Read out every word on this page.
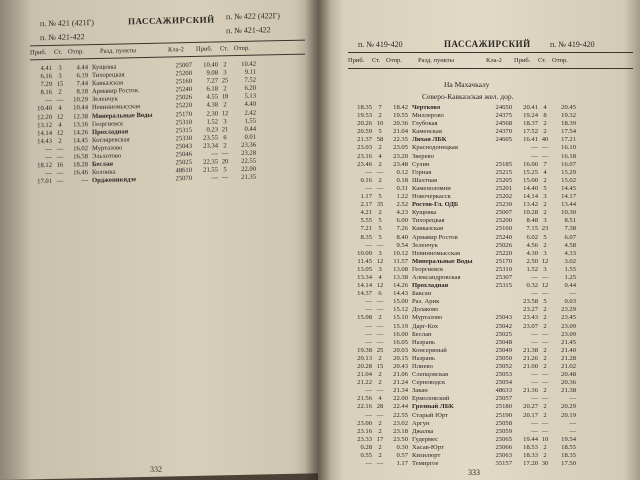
п. № 421 (421Г)	ПАССАЖИРСКИЙ п. № 422 (422Г)
п. № 421-422
п. № 421-422
Приб. Ст. Отпр. Разд. пункты	Кла-2 Приб. Ст. Отпр.
4.41 3	4.44 Кущевка	25007	10.40 2	10.42
6.16 3	6.19 Тихорецкая	25200	9.08 3	9.11
7.29 15	7.44 Кавказская	25160	7.27 25	7.52
8.16 2	8.18 Армавир Ростов.	25240	6.18 2	6.20
— —	10.29 Зеленчук	25026	4.55 18	5.13
10.40 4	10.44 Невинномысская	25220	4.38 2	4.40
12.20 12	12.38 Минеральные Воды	25170	2.30 12	2.42
13.12 4	13.16 Георгиевск	25310	1.52 3	1.55
14.14 12	14.26 Прохладная	25315	0.23 21	0.44
14.43 2	14.45 Котляревская	25330	23.55 6	0.01
— —	16.02 Муртазово	25043	23.34 2	23.36
— —	16.58 Эльхотово	25046	— —	23.28
18.12 16	18.28 Беслан	25025	22.35 20	22.55
— —	16.46 Колонка	48610	21.55 5	22.00
17.01 —	— Орджоникидзе	25070	— —	21.35
332
п. № 419-420	ПАССАЖИРСКИЙ п. № 419-420
Приб. Ст. Отпр. Разд. пункты	Кла-2 Приб. Ст. Отпр.
На Махачкалу
Северо-Кавказская жел. дор.
18.35 7	18.42 Чертково	24650	20.41 4	20.45
19.53 2	19.55 Миллерово	24375	19.24 8	19.32
20.26 10	20.36 Глубокая	24568	18.37 2	18.39
20.59 5	21.04 Каменская	24370	17.52 2	17.54
21.37 58	22.35 Лихая ЛБК	24605	16.41 40	17.21
23.03 2	23.05 Краснодонецкая	— —	16.10
23.16 4	23.20 Зверево	— —	16.18
23.46 2	23.48 Сулин	25185	16.00 7	16.07
— —	0.12 Горная	25215	15.25 4	15.29
0.16 2	0.18 Шахтная	25205	15.00 2	15.02
— —	0.31 Каменоломни	25201	14.40 5	14.45
1.17 5	1.22 Новочеркасск	25202	14.14 3	14.17
2.17 35	2.52 Ростов-Гл. ОДБ	25230	13.42 2	13.44
4.21 2	4.23 Кущевка	25007	10.28 2	10.30
5.55 5	6.00 Тихорецкая	25200	8.48 3	8.51
7.21 5	7.26 Кавказская	25160	7.15 23	7.38
8.35 5	8.40 Армавир Ростов	25240	6.02 5	6.07
— —	9.54 Зеленчук	25026	4.56 2	4.58
10.09 3	10.12 Невинномысская	25220	4.30 3	4.33
11.45 12	11.57 Минеральные Воды	25170	2.50 12	3.02
13.05 3	13.08 Георгиевск	25310	1.52 3	1.55
13.34 4	13.38 Александровская	25307	— —	1.25
14.14 12	14.26 Прохладная	25315	0.32 12	0.44
14.37 6	14.43 Баксан	— —	—
— —	15.00 Раз. Арик	23.58 5	0.03
— —	15.12 Долаково	23.27 2	23.29
15.08 2	15.10 Муртазово	25043	23.43 2	23.45
— —	15.19 Дарг-Кох	25042	23.07 2	23.09
— —	16.00 Беслан	25025	— —	23.09
— —	16.05 Назрань	25048	— —	21.45
19.38 25	20.03 Консервный	25049	21.38 2	21.40
20.13 2	20.15 Назрань	25050	21.26 2	21.28
20.28 15	20.43 Плиево	25052	21.00 2	21.02
21.04 2	21.06 Слепцовская	25053	— —	20.48
21.22 2	21.24 Серноводск	25054	— —	20.36
— —	21.34 Закан	48633	21.36 2	21.38
21.56 4	22.00 Ермоловский	25057	— —	—
22.16 28	22.44 Грозный ЛБК	25180	20.27 2	20.29
— —	22.55 Старый Юрт	25190	20.17 2	20.19
23.00 2	23.02 Аргун	25058	— —	—
23.16 2	23.18 Джалка	25059	— —	—
23.33 17	23.50 Гудермес	25065	19.44 10	19.54
0.28 2	0.30 Хасав-Юрт	25066	18.53 2	18.55
0.55 2	0.57 Кизилюрт	25063	18.33 2	18.35
— —	1.17 Темиргое	35157	17.20 30	17.50
333
